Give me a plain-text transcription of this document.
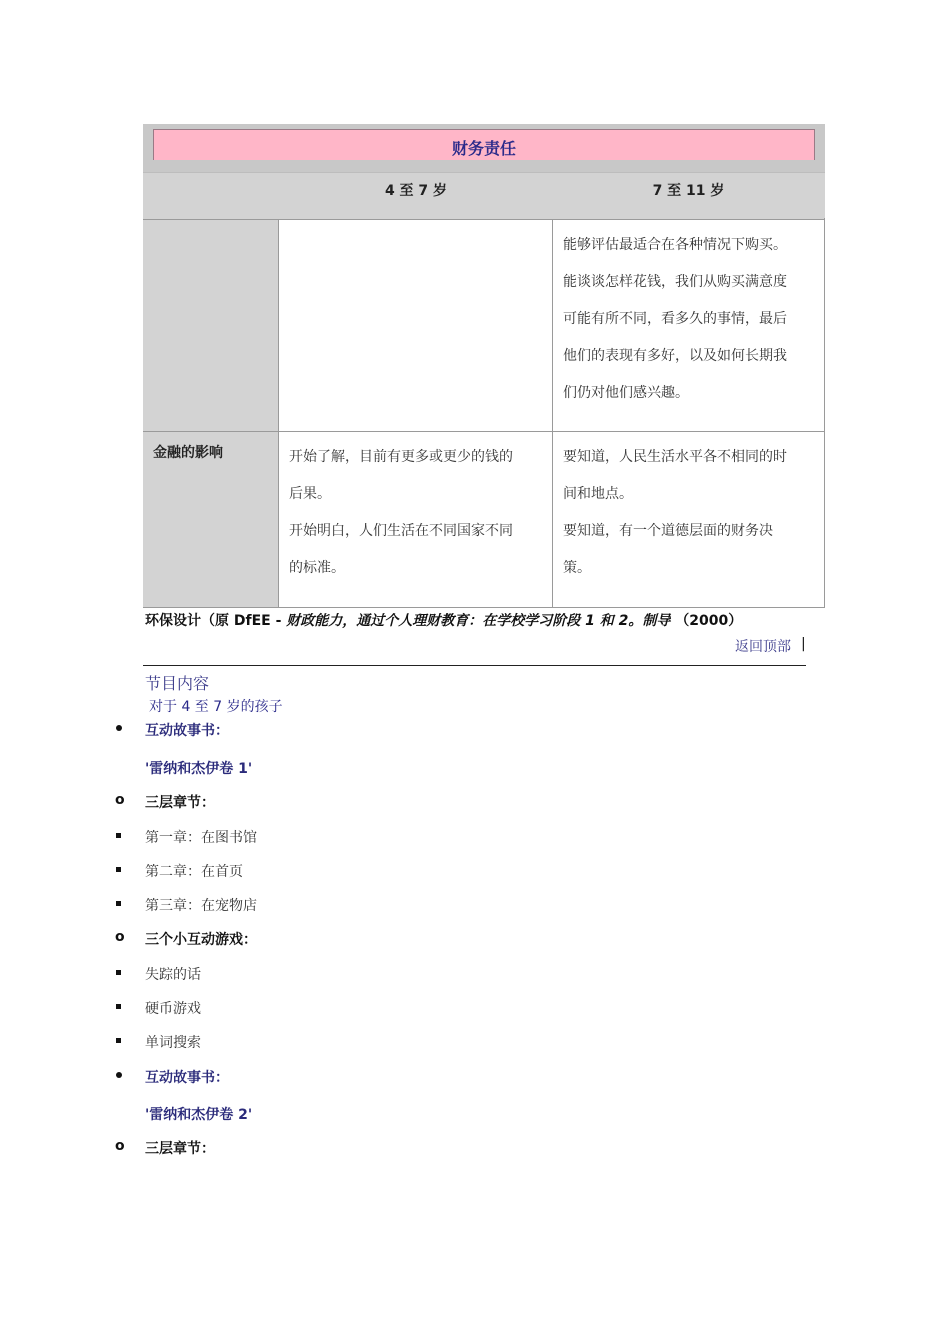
财务责任
4 至 7 岁	7 至 11 岁

能够评估最适合在各种情况下购买。

能谈谈怎样花钱，我们从购买满意度

可能有所不同，看多久的事情，最后

他们的表现有多好，以及如何长期我

们仍对他们感兴趣。

金融的影响	开始了解，目前有更多或更少的钱的

后果。

开始明白，人们生活在不同国家不同

的标准。

要知道，人民生活水平各不相同的时

间和地点。

要知道，有一个道德层面的财务决

策。

环保设计（原 DfEE - 财政能力，通过个人理财教育：在学校学习阶段 1 和 2。制导 （2000）
返回顶部 |
节目内容
对于 4 至 7 岁的孩子
互动故事书：
'雷纳和杰伊卷 1'
o 三层章节：
第一章：在图书馆
第二章：在首页
第三章：在宠物店
o 三个小互动游戏：
失踪的话
硬币游戏
单词搜索
互动故事书：
'雷纳和杰伊卷 2'
o 三层章节：
